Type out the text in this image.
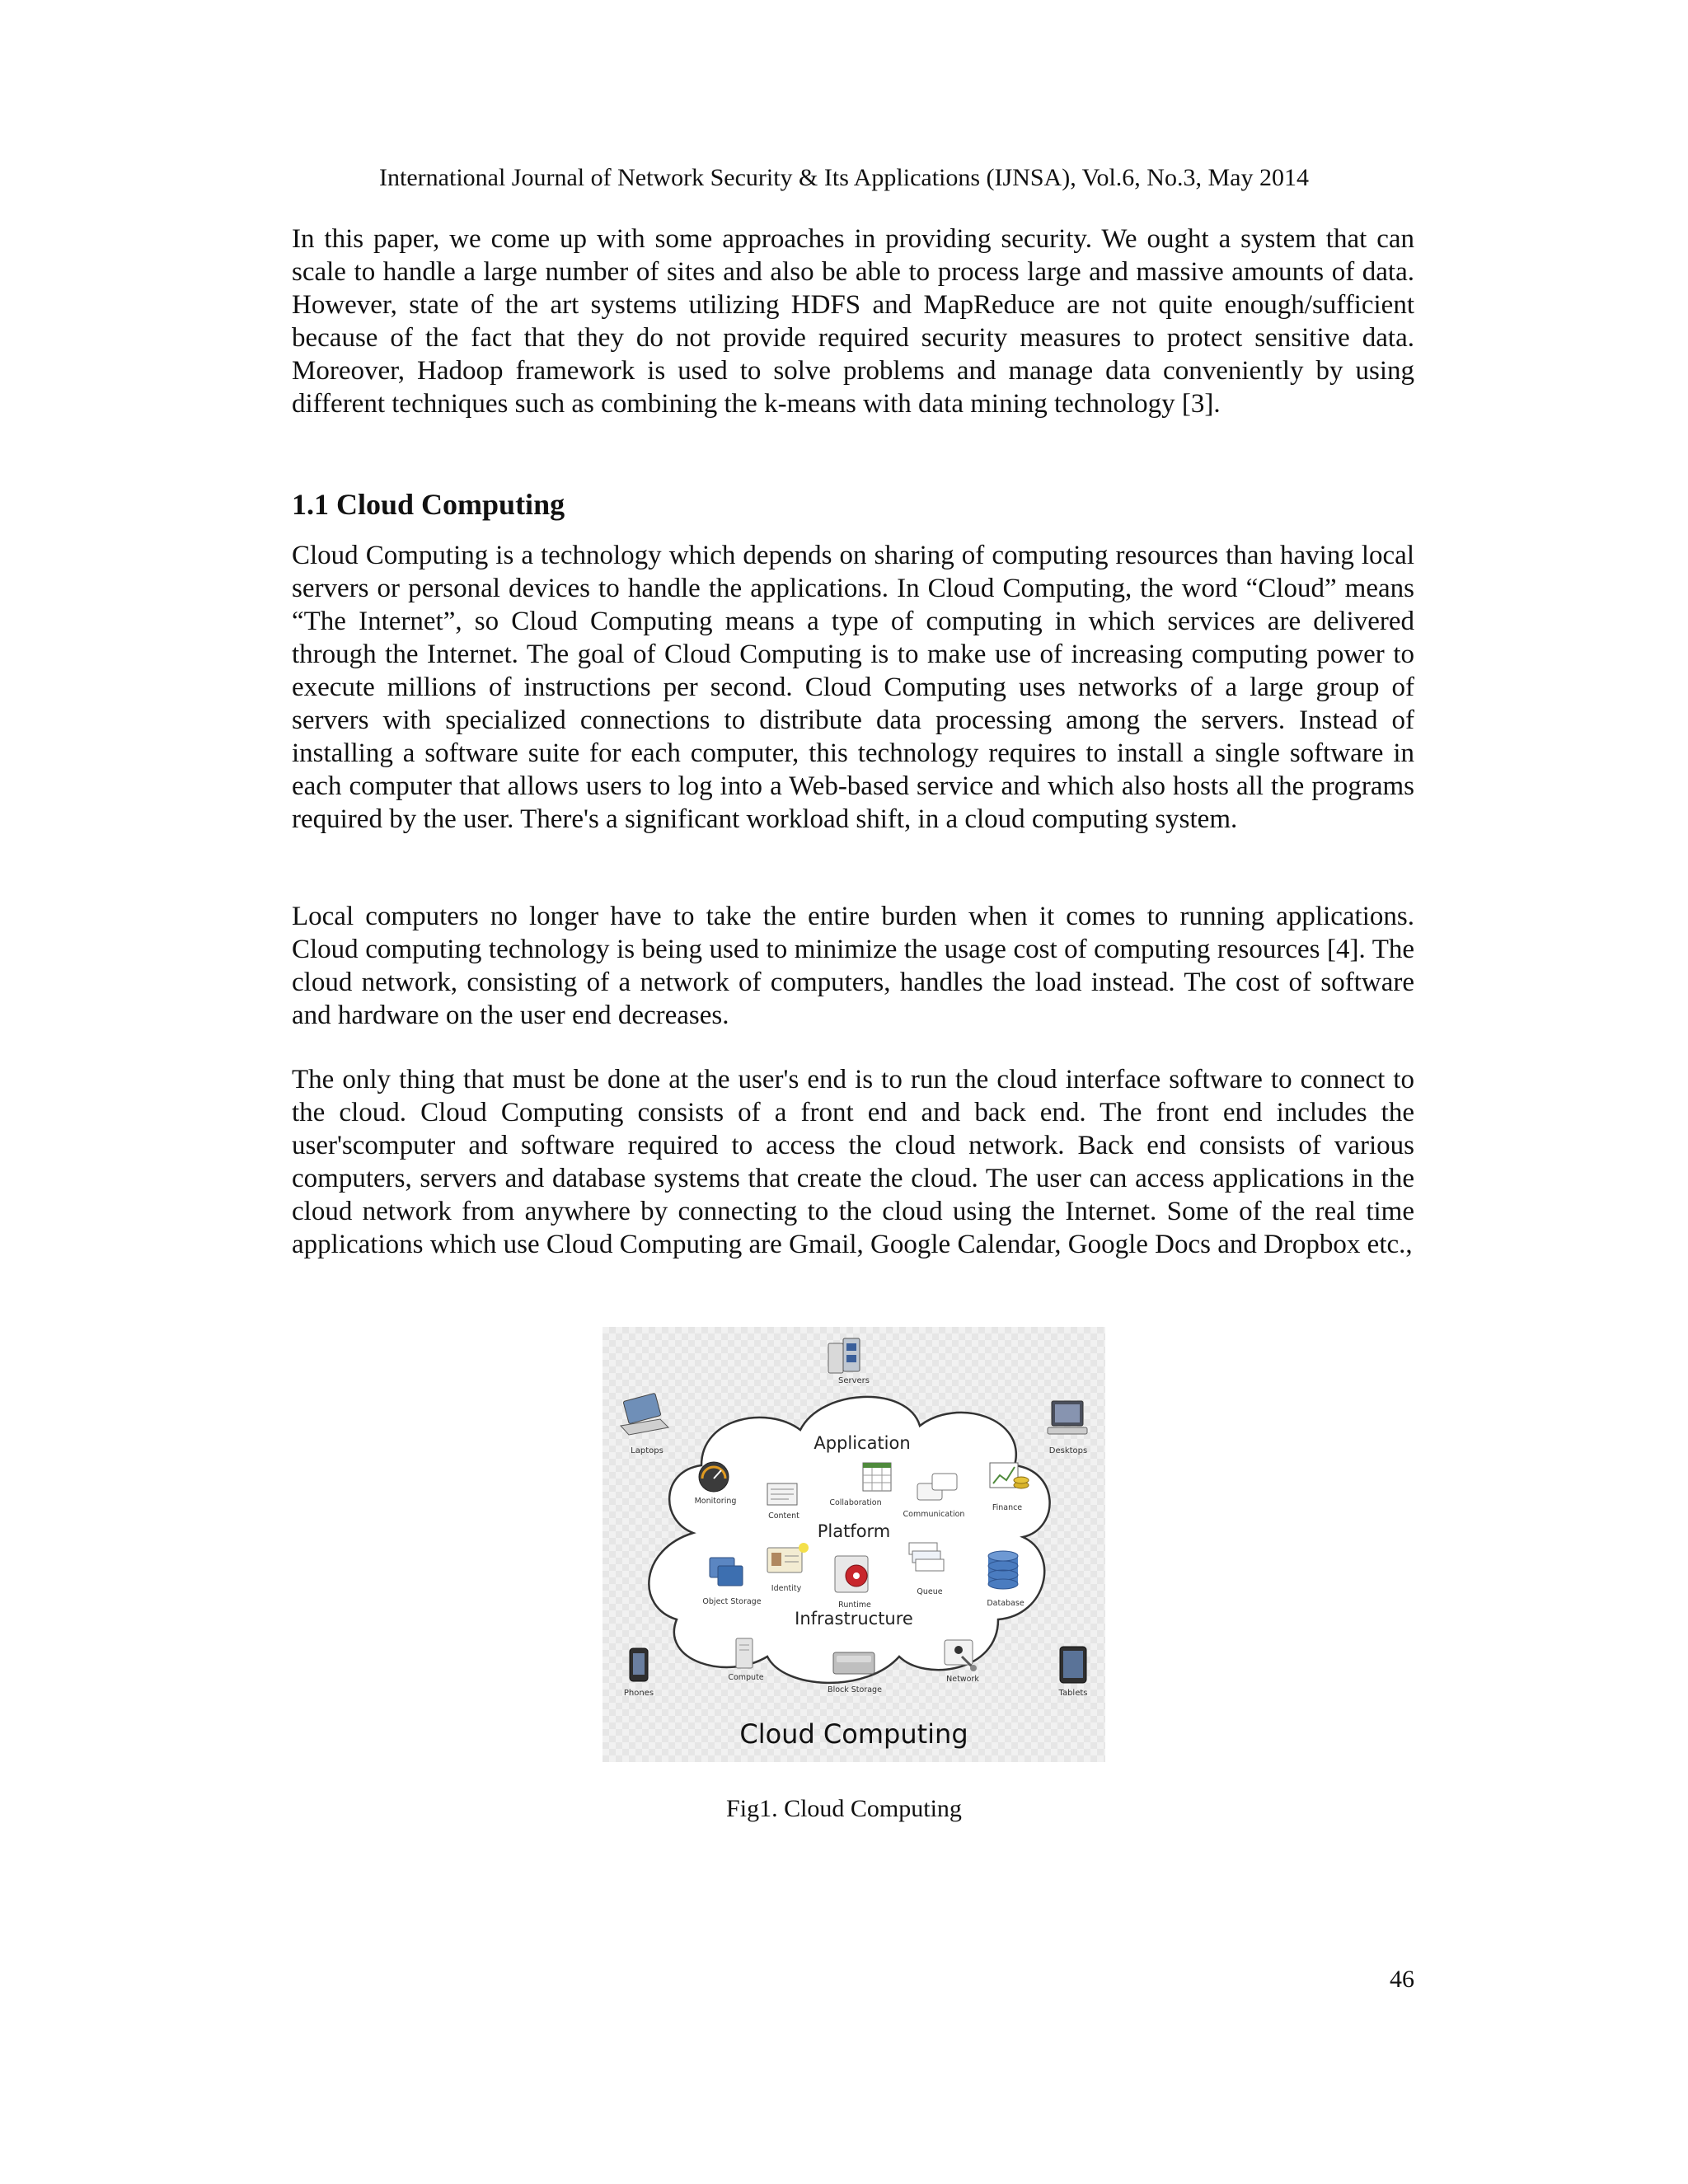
International Journal of Network Security & Its Applications (IJNSA), Vol.6, No.3, May 2014

In this paper, we come up with some approaches in providing security. We ought a system that can scale to handle a large number of sites and also be able to process large and massive amounts of data. However, state of the art systems utilizing HDFS and MapReduce are not quite enough/sufficient because of the fact that they do not provide required security measures to protect sensitive data. Moreover, Hadoop framework is used to solve problems and manage data conveniently by using different techniques such as combining the k-means with data mining technology [3].

1.1 Cloud Computing

Cloud Computing is a technology which depends on sharing of computing resources than having local servers or personal devices to handle the applications. In Cloud Computing, the word “Cloud” means “The Internet”, so Cloud Computing means a type of computing in which services are delivered through the Internet. The goal of Cloud Computing is to make use of increasing computing power to execute millions of instructions per second. Cloud Computing uses networks of a large group of servers with specialized connections to distribute data processing among the servers. Instead of installing a software suite for each computer, this technology requires to install a single software in each computer that allows users to log into a Web-based service and which also hosts all the programs required by the user. There's a significant workload shift, in a cloud computing system.

Local computers no longer have to take the entire burden when it comes to running applications. Cloud computing technology is being used to minimize the usage cost of computing resources [4]. The cloud network, consisting of a network of computers, handles the load instead. The cost of software and hardware on the user end decreases.

The only thing that must be done at the user's end is to run the cloud interface software to connect to the cloud. Cloud Computing consists of a front end and back end. The front end includes the user'scomputer and software required to access the cloud network. Back end consists of various computers, servers and database systems that create the cloud. The user can access applications in the cloud network from anywhere by connecting to the cloud using the Internet. Some of the real time applications which use Cloud Computing are Gmail, Google Calendar, Google Docs and Dropbox etc.,

Application
Platform
Infrastructure
Servers
Laptops	Desktops
Phones	Tablets
Monitoring
Content
Collaboration
Communication
Finance
Object Storage
Identity
Runtime
Queue
Database
Compute
Block Storage
Network
Cloud Computing
Fig1. Cloud Computing
46
